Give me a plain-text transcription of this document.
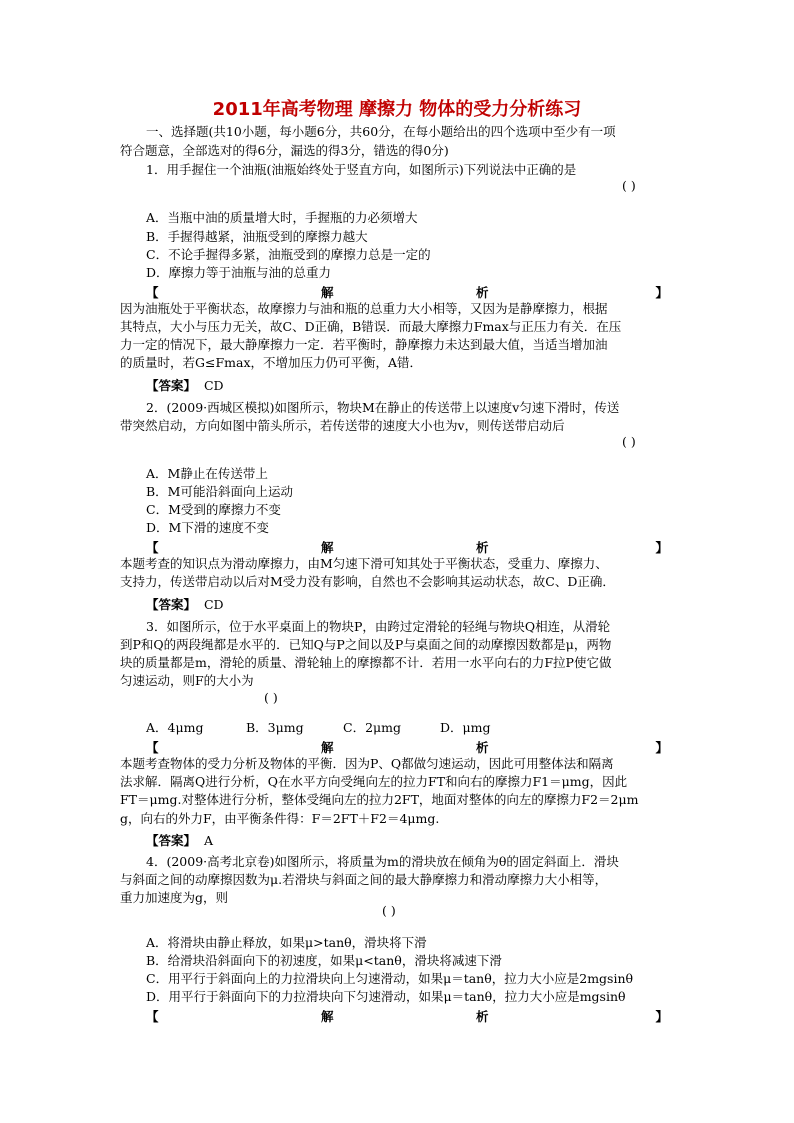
2011年高考物理 摩擦力 物体的受力分析练习
一、选择题(共10小题，每小题6分，共60分，在每小题给出的四个选项中至少有一项
符合题意，全部选对的得6分，漏选的得3分，错选的得0分)
1．用手握住一个油瓶(油瓶始终处于竖直方向，如图所示)下列说法中正确的是
( )
A．当瓶中油的质量增大时，手握瓶的力必须增大
B．手握得越紧，油瓶受到的摩擦力越大
C．不论手握得多紧，油瓶受到的摩擦力总是一定的
D．摩擦力等于油瓶与油的总重力
【	解	析	】
因为油瓶处于平衡状态，故摩擦力与油和瓶的总重力大小相等，又因为是静摩擦力，根据
其特点，大小与压力无关，故C、D正确，B错误．而最大摩擦力Fmax与正压力有关．在压
力一定的情况下，最大静摩擦力一定．若平衡时，静摩擦力未达到最大值，当适当增加油
的质量时，若G≤Fmax，不增加压力仍可平衡，A错．
【答案】 CD
2．(2009·西城区模拟)如图所示，物块M在静止的传送带上以速度v匀速下滑时，传送
带突然启动，方向如图中箭头所示，若传送带的速度大小也为v，则传送带启动后
( )
A．M静止在传送带上
B．M可能沿斜面向上运动
C．M受到的摩擦力不变
D．M下滑的速度不变
【	解	析	】
本题考查的知识点为滑动摩擦力，由M匀速下滑可知其处于平衡状态，受重力、摩擦力、
支持力，传送带启动以后对M受力没有影响，自然也不会影响其运动状态，故C、D正确．
【答案】 CD
3．如图所示，位于水平桌面上的物块P，由跨过定滑轮的轻绳与物块Q相连，从滑轮
到P和Q的两段绳都是水平的．已知Q与P之间以及P与桌面之间的动摩擦因数都是μ，两物
块的质量都是m，滑轮的质量、滑轮轴上的摩擦都不计．若用一水平向右的力F拉P使它做
匀速运动，则F的大小为
( )
A．4μmg	B．3μmg	C．2μmg	D．μmg
【	解	析	】
本题考查物体的受力分析及物体的平衡．因为P、Q都做匀速运动，因此可用整体法和隔离
法求解．隔离Q进行分析，Q在水平方向受绳向左的拉力FT和向右的摩擦力F1＝μmg，因此
FT＝μmg.对整体进行分析，整体受绳向左的拉力2FT，地面对整体的向左的摩擦力F2＝2μm
g，向右的外力F，由平衡条件得：F＝2FT＋F2＝4μmg.
【答案】 A
4．(2009·高考北京卷)如图所示，将质量为m的滑块放在倾角为θ的固定斜面上．滑块
与斜面之间的动摩擦因数为μ.若滑块与斜面之间的最大静摩擦力和滑动摩擦力大小相等，
重力加速度为g，则
( )
A．将滑块由静止释放，如果μ>tanθ，滑块将下滑
B．给滑块沿斜面向下的初速度，如果μ<tanθ，滑块将减速下滑
C．用平行于斜面向上的力拉滑块向上匀速滑动，如果μ＝tanθ，拉力大小应是2mgsinθ
D．用平行于斜面向下的力拉滑块向下匀速滑动，如果μ＝tanθ，拉力大小应是mgsinθ
【	解	析	】
